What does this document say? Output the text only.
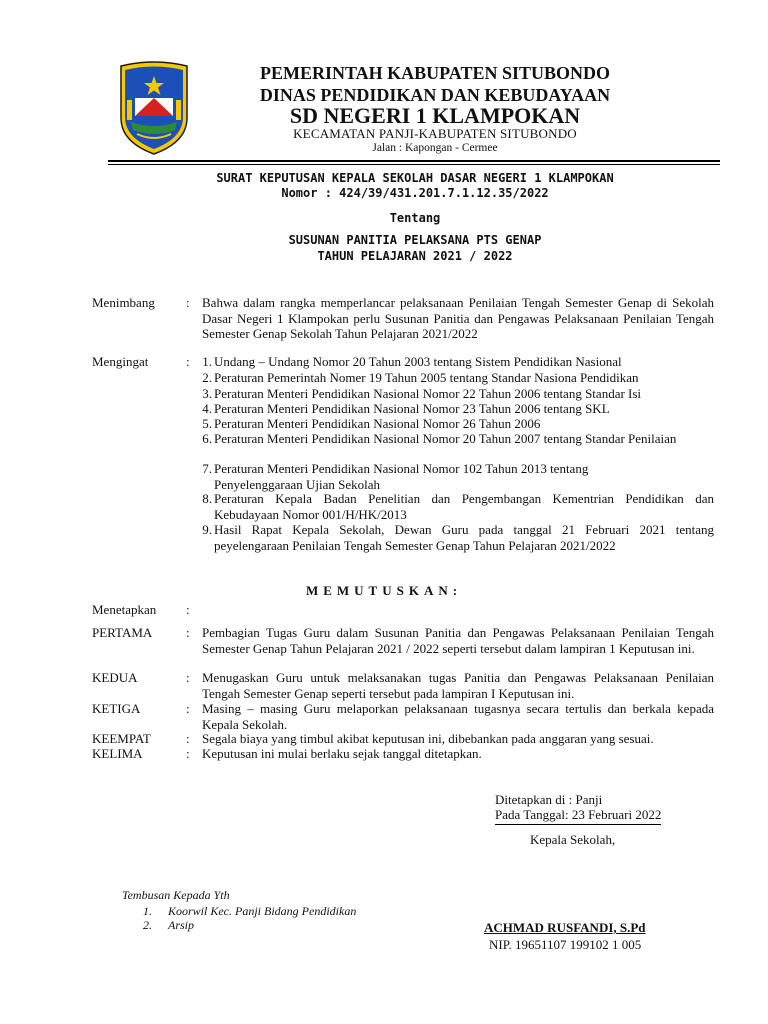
PEMERINTAH KABUPATEN SITUBONDO
DINAS PENDIDIKAN DAN KEBUDAYAAN
SD NEGERI 1 KLAMPOKAN
KECAMATAN PANJI-KABUPATEN SITUBONDO
Jalan : Kapongan - Cermee
SURAT KEPUTUSAN KEPALA SEKOLAH DASAR NEGERI 1 KLAMPOKAN
Nomor : 424/39/431.201.7.1.12.35/2022
Tentang
SUSUNAN PANITIA PELAKSANA PTS GENAP
TAHUN PELAJARAN 2021 / 2022
Menimbang : Bahwa dalam rangka memperlancar pelaksanaan Penilaian Tengah Semester Genap di Sekolah Dasar Negeri 1 Klampokan perlu Susunan Panitia dan Pengawas Pelaksanaan Penilaian Tengah Semester Genap Sekolah Tahun Pelajaran 2021/2022
Mengingat	: 1. Undang – Undang Nomor 20 Tahun 2003 tentang Sistem Pendidikan Nasional
2. Peraturan Pemerintah Nomer 19 Tahun 2005 tentang Standar Nasiona Pendidikan
3. Peraturan Menteri Pendidikan Nasional Nomor 22 Tahun 2006 tentang Standar Isi
4. Peraturan Menteri Pendidikan Nasional Nomor 23 Tahun 2006 tentang SKL
5. Peraturan Menteri Pendidikan Nasional Nomor 26 Tahun 2006
6. Peraturan Menteri Pendidikan Nasional Nomor 20 Tahun 2007 tentang Standar Penilaian
7. Peraturan Menteri Pendidikan Nasional Nomor 102 Tahun 2013 tentang Penyelenggaraan Ujian Sekolah
8. Peraturan Kepala Badan Penelitian dan Pengembangan Kementrian Pendidikan dan Kebudayaan Nomor 001/H/HK/2013
9. Hasil Rapat Kepala Sekolah, Dewan Guru pada tanggal 21 Februari 2021 tentang peyelengaraan Penilaian Tengah Semester Genap Tahun Pelajaran 2021/2022
MEMUTUSKAN:
Menetapkan :
PERTAMA	: Pembagian Tugas Guru dalam Susunan Panitia dan Pengawas Pelaksanaan Penilaian Tengah Semester Genap Tahun Pelajaran 2021 / 2022 seperti tersebut dalam lampiran 1 Keputusan ini.
KEDUA	: Menugaskan Guru untuk melaksanakan tugas Panitia dan Pengawas Pelaksanaan Penilaian Tengah Semester Genap seperti tersebut pada lampiran I Keputusan ini.
KETIGA	: Masing – masing Guru melaporkan pelaksanaan tugasnya secara tertulis dan berkala kepada Kepala Sekolah.
KEEMPAT	: Segala biaya yang timbul akibat keputusan ini, dibebankan pada anggaran yang sesuai.
KELIMA	: Keputusan ini mulai berlaku sejak tanggal ditetapkan.
Ditetapkan di : Panji
Pada Tanggal: 23 Februari 2022
Kepala Sekolah,
ACHMAD RUSFANDI, S.Pd
NIP. 19651107 199102 1 005
Tembusan Kepada Yth
1. Koorwil Kec. Panji Bidang Pendidikan
2. Arsip
